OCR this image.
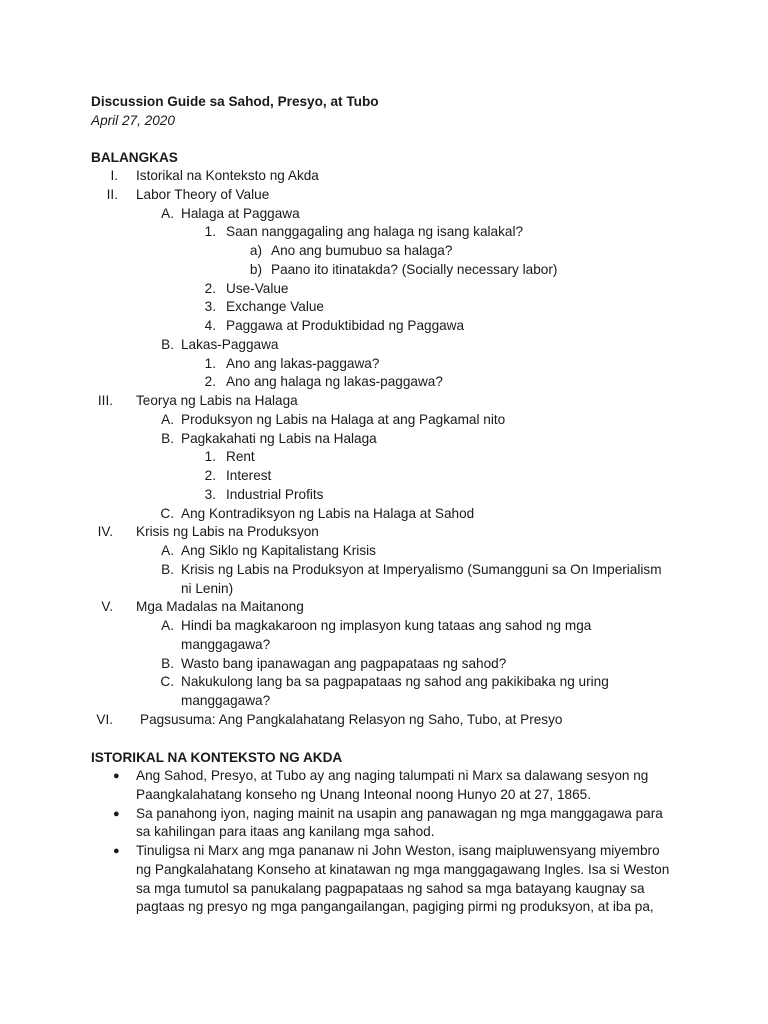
Discussion Guide sa Sahod, Presyo, at Tubo
April 27, 2020
BALANGKAS
I. Istorikal na Konteksto ng Akda
II. Labor Theory of Value
A. Halaga at Paggawa
1. Saan nanggagaling ang halaga ng isang kalakal?
a) Ano ang bumubuo sa halaga?
b) Paano ito itinatakda? (Socially necessary labor)
2. Use-Value
3. Exchange Value
4. Paggawa at Produktibidad ng Paggawa
B. Lakas-Paggawa
1. Ano ang lakas-paggawa?
2. Ano ang halaga ng lakas-paggawa?
III. Teorya ng Labis na Halaga
A. Produksyon ng Labis na Halaga at ang Pagkamal nito
B. Pagkakahati ng Labis na Halaga
1. Rent
2. Interest
3. Industrial Profits
C. Ang Kontradiksyon ng Labis na Halaga at Sahod
IV. Krisis ng Labis na Produksyon
A. Ang Siklo ng Kapitalistang Krisis
B. Krisis ng Labis na Produksyon at Imperyalismo (Sumangguni sa On Imperialism
ni Lenin)
V. Mga Madalas na Maitanong
A. Hindi ba magkakaroon ng implasyon kung tataas ang sahod ng mga
manggagawa?
B. Wasto bang ipanawagan ang pagpapataas ng sahod?
C. Nakukulong lang ba sa pagpapataas ng sahod ang pakikibaka ng uring
manggagawa?
VI. Pagsusuma: Ang Pangkalahatang Relasyon ng Saho, Tubo, at Presyo
ISTORIKAL NA KONTEKSTO NG AKDA
● Ang Sahod, Presyo, at Tubo ay ang naging talumpati ni Marx sa dalawang sesyon ng
Paangkalahatang konseho ng Unang Inteonal noong Hunyo 20 at 27, 1865.
● Sa panahong iyon, naging mainit na usapin ang panawagan ng mga manggagawa para
sa kahilingan para itaas ang kanilang mga sahod.
● Tinuligsa ni Marx ang mga pananaw ni John Weston, isang maipluwensyang miyembro
ng Pangkalahatang Konseho at kinatawan ng mga manggagawang Ingles. Isa si Weston
sa mga tumutol sa panukalang pagpapataas ng sahod sa mga batayang kaugnay sa
pagtaas ng presyo ng mga pangangailangan, pagiging pirmi ng produksyon, at iba pa,
